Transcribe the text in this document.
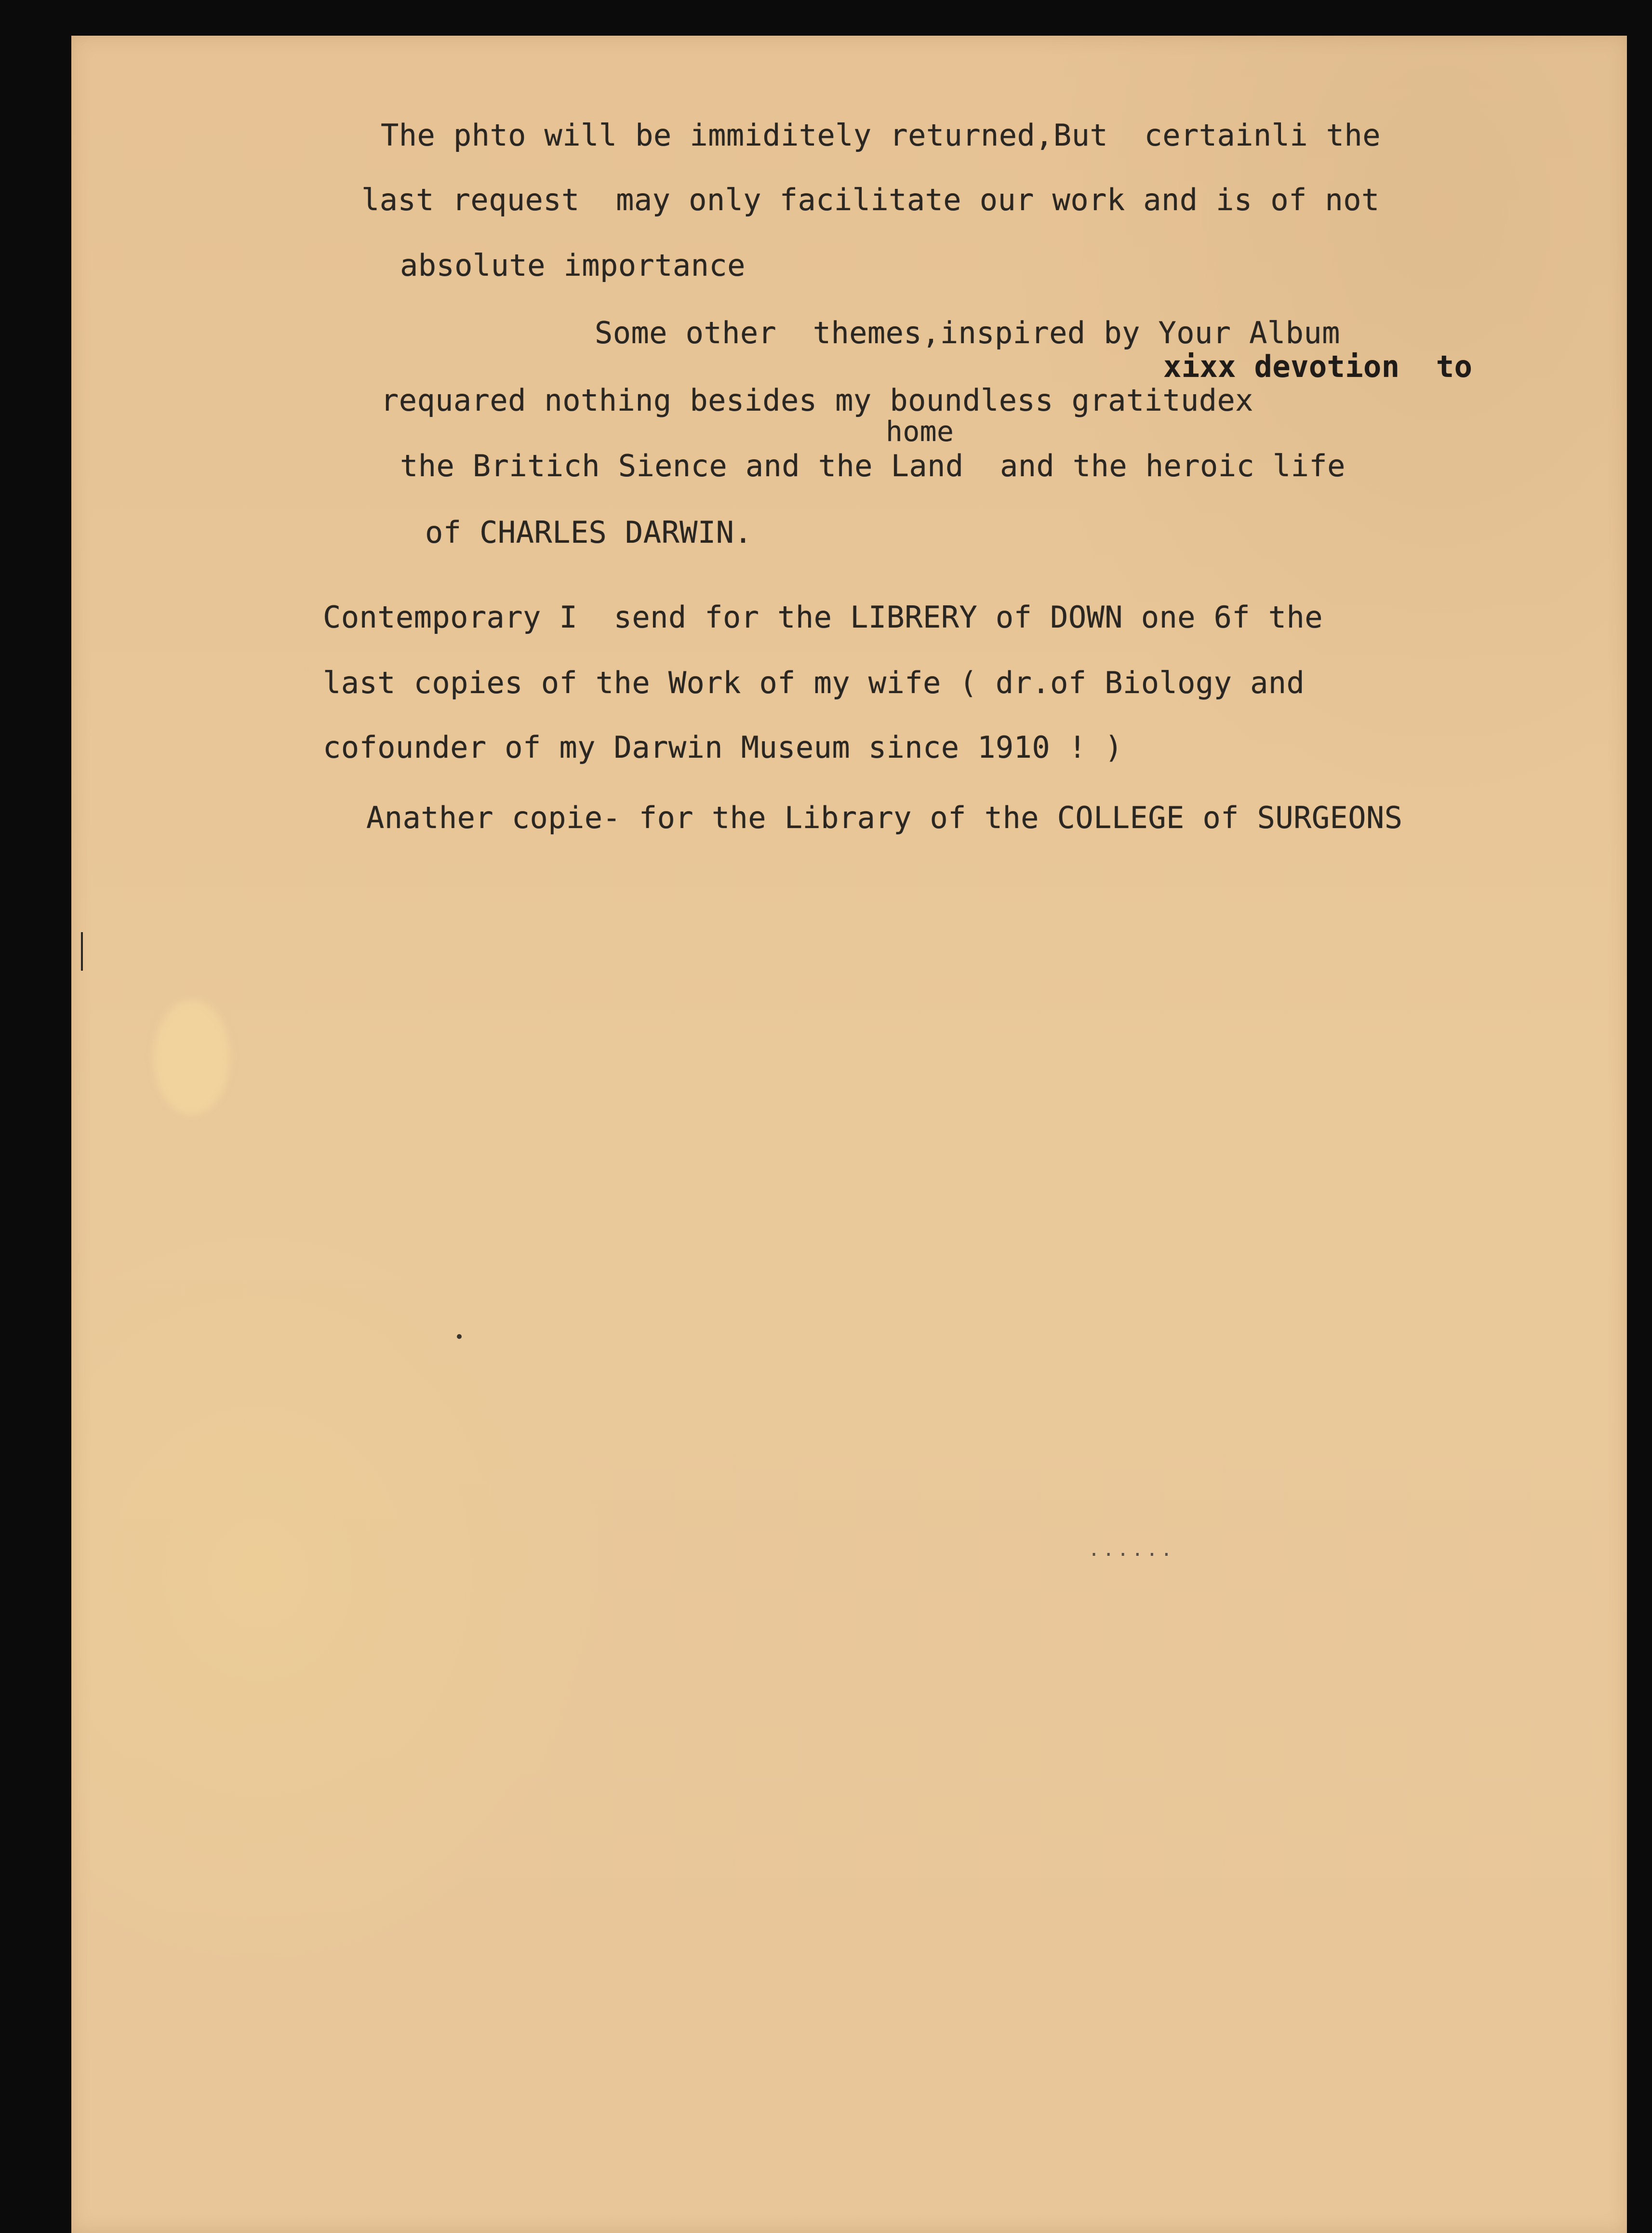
The phto will be immiditely returned,But  certainli the
last request  may only facilitate our work and is of not
absolute importance
Some other  themes,inspired by Your Album
xixx devotion  to
requared nothing besides my boundless gratitudex
home
the Britich Sience and the Land  and the heroic life
of CHARLES DARWIN.
Contemporary I  send for the LIBRERY of DOWN one 6f the
last copies of the Work of my wife ( dr.of Biology and
cofounder of my Darwin Museum since 1910 ! )
Anather copie- for the Library of the COLLEGE of SURGEONS
......
